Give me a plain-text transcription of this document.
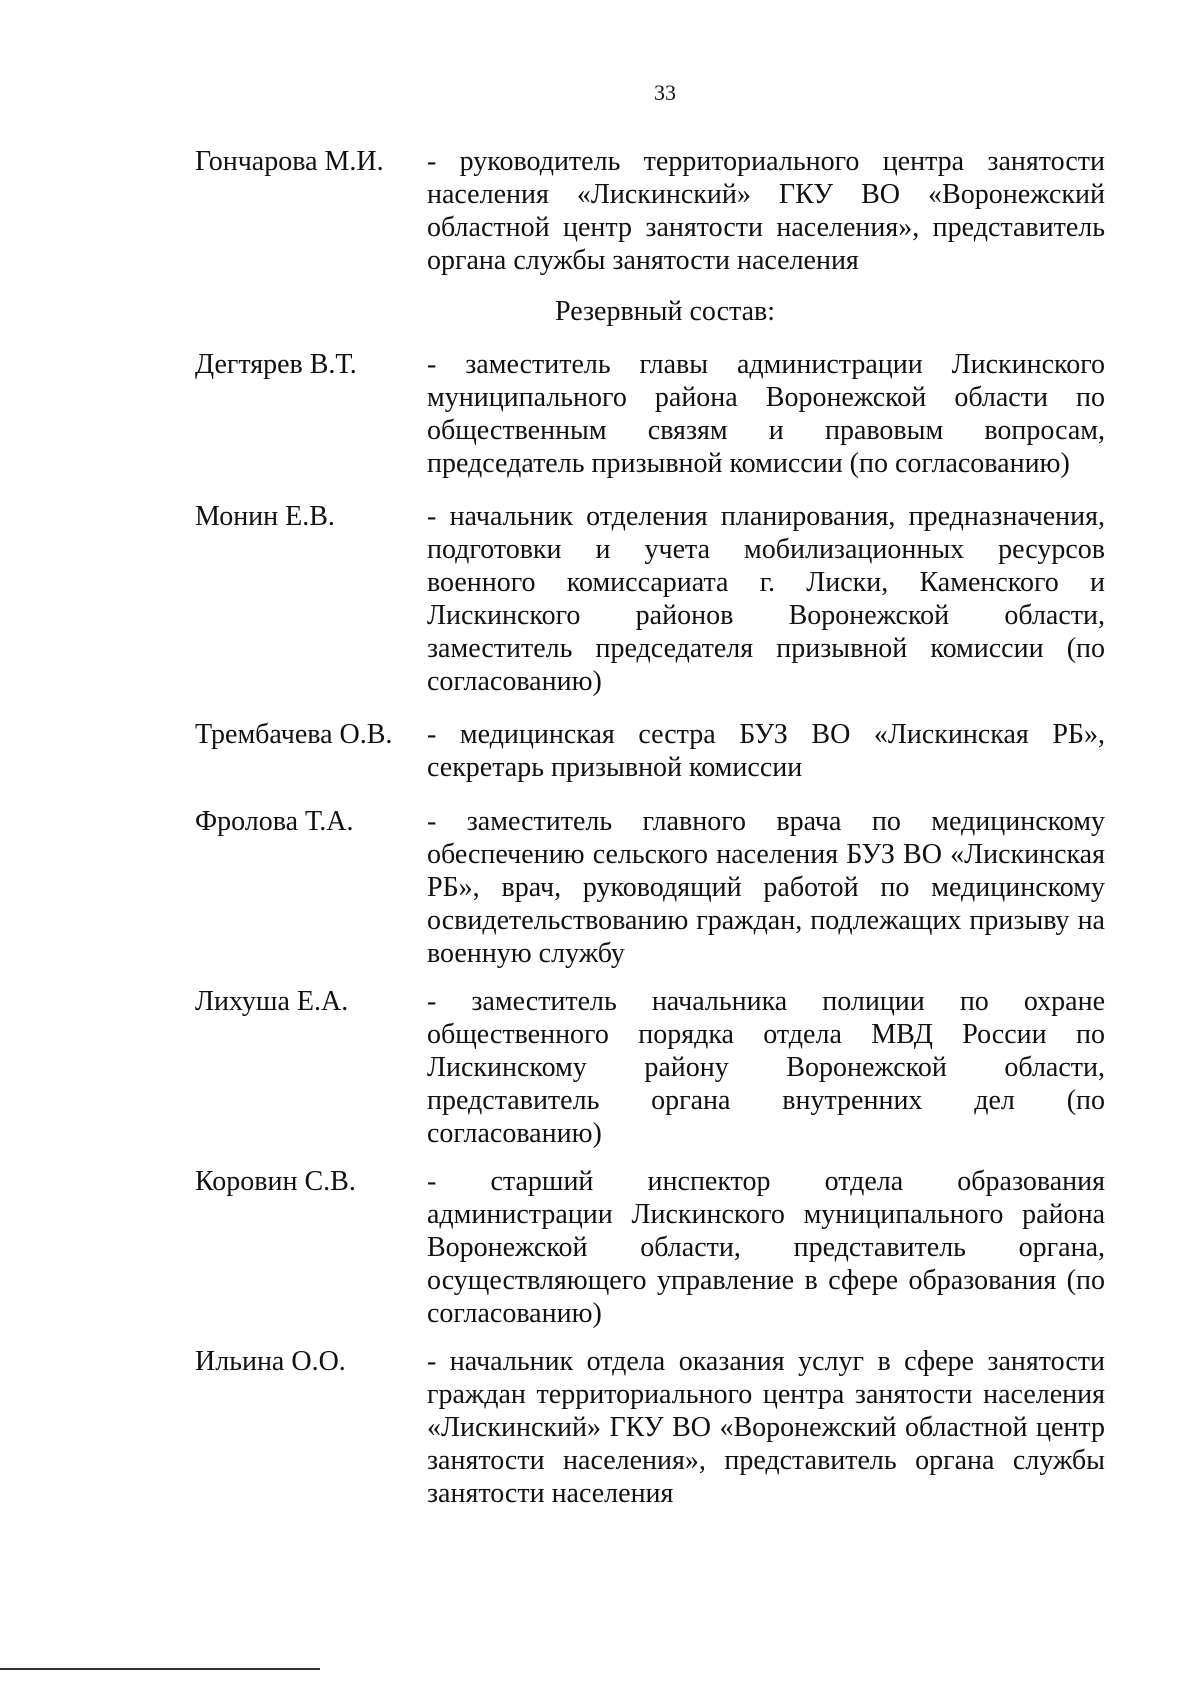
33
Гончарова М.И. - руководитель территориального центра занятости населения «Лискинский» ГКУ ВО «Воронежский областной центр занятости населения», представитель органа службы занятости населения
Резервный состав:
Дегтярев В.Т.	- заместитель главы администрации Лискинского муниципального района Воронежской области по общественным связям и правовым вопросам, председатель призывной комиссии (по согласованию)
Монин Е.В.	- начальник отделения планирования, предназначения, подготовки и учета мобилизационных ресурсов военного комиссариата г. Лиски, Каменского и Лискинского районов Воронежской области, заместитель председателя призывной комиссии (по согласованию)
Трембачева О.В. - медицинская сестра БУЗ ВО «Лискинская РБ», секретарь призывной комиссии
Фролова Т.А.	- заместитель главного врача по медицинскому обеспечению сельского населения БУЗ ВО «Лискинская РБ», врач, руководящий работой по медицинскому освидетельствованию граждан, подлежащих призыву на военную службу
Лихуша Е.А.	- заместитель начальника полиции по охране общественного порядка отдела МВД России по Лискинскому району Воронежской области, представитель органа внутренних дел (по согласованию)
Коровин С.В.	- старший инспектор отдела образования администрации Лискинского муниципального района Воронежской области, представитель органа, осуществляющего управление в сфере образования (по согласованию)
Ильина О.О.	- начальник отдела оказания услуг в сфере занятости граждан территориального центра занятости населения «Лискинский» ГКУ ВО «Воронежский областной центр занятости населения», представитель органа службы занятости населения
